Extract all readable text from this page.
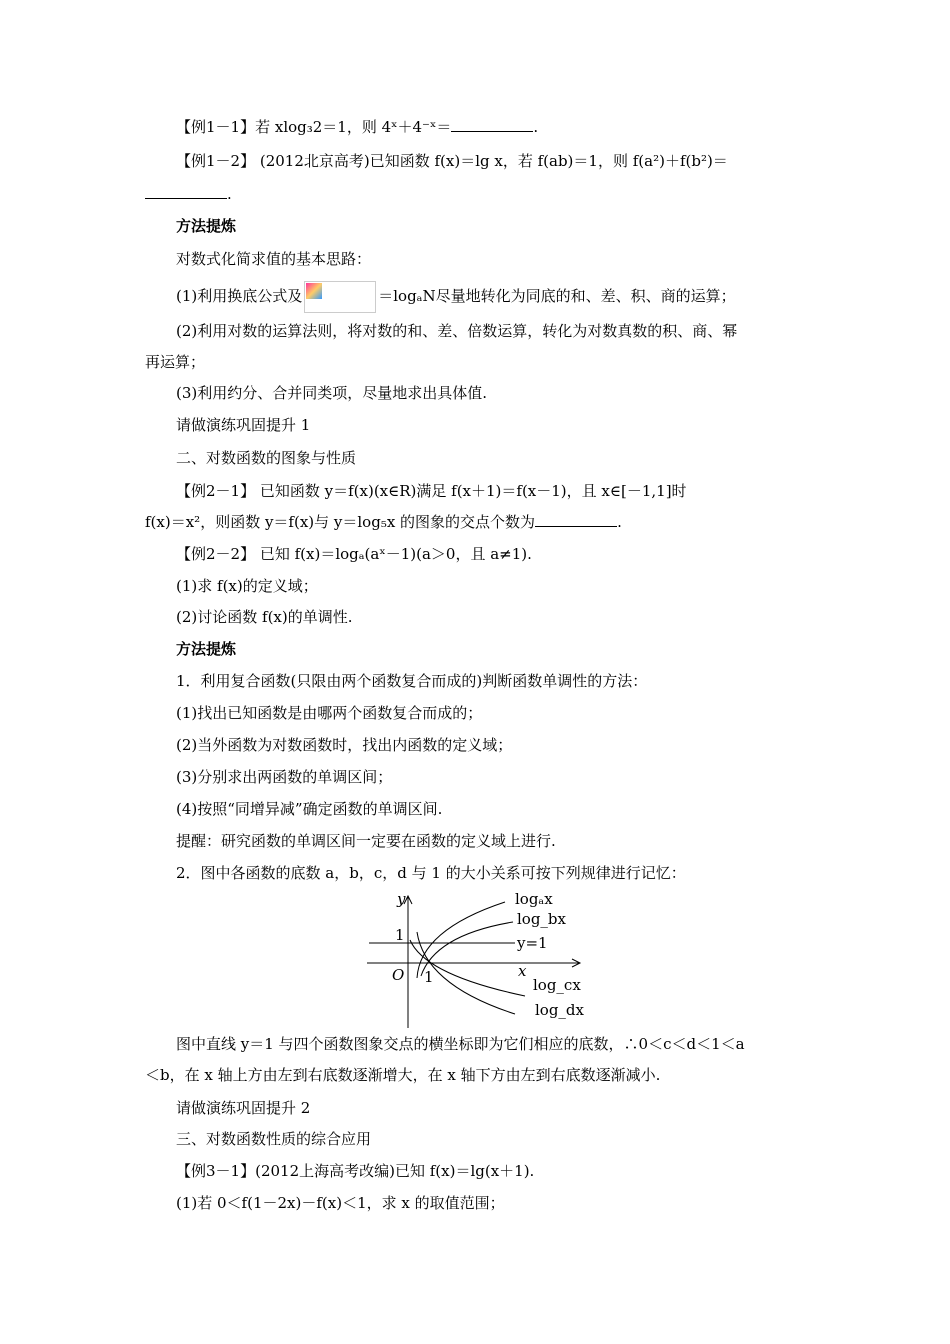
【例1－1】若 xlog₃2＝1，则 4ˣ＋4⁻ˣ＝	.
【例1－2】 (2012北京高考)已知函数 f(x)＝lg x，若 f(ab)＝1，则 f(a²)＋f(b²)＝
.
方法提炼
对数式化简求值的基本思路：
(1)利用换底公式及	＝logₐN尽量地转化为同底的和、差、积、商的运算；
(2)利用对数的运算法则，将对数的和、差、倍数运算，转化为对数真数的积、商、幂
再运算；
(3)利用约分、合并同类项，尽量地求出具体值.
请做演练巩固提升 1
二、对数函数的图象与性质
【例2－1】 已知函数 y＝f(x)(x∈R)满足 f(x＋1)＝f(x－1)，且 x∈[－1,1]时
f(x)＝x²，则函数 y＝f(x)与 y＝log₅x 的图象的交点个数为	.
【例2－2】 已知 f(x)＝logₐ(aˣ－1)(a＞0，且 a≠1).
(1)求 f(x)的定义域；
(2)讨论函数 f(x)的单调性.
方法提炼
1．利用复合函数(只限由两个函数复合而成的)判断函数单调性的方法：
(1)找出已知函数是由哪两个函数复合而成的；
(2)当外函数为对数函数时，找出内函数的定义域；
(3)分别求出两函数的单调区间；
(4)按照“同增异减”确定函数的单调区间.
提醒：研究函数的单调区间一定要在函数的定义域上进行.
2．图中各函数的底数 a，b，c，d 与 1 的大小关系可按下列规律进行记忆：
y
x
O
1
1
y=1
logₐx
log_bx
log_cx
log_dx
图中直线 y＝1 与四个函数图象交点的横坐标即为它们相应的底数，∴0＜c＜d＜1＜a
＜b，在 x 轴上方由左到右底数逐渐增大，在 x 轴下方由左到右底数逐渐减小.
请做演练巩固提升 2
三、对数函数性质的综合应用
【例3－1】(2012上海高考改编)已知 f(x)＝lg(x＋1).
(1)若 0＜f(1－2x)－f(x)＜1，求 x 的取值范围；
